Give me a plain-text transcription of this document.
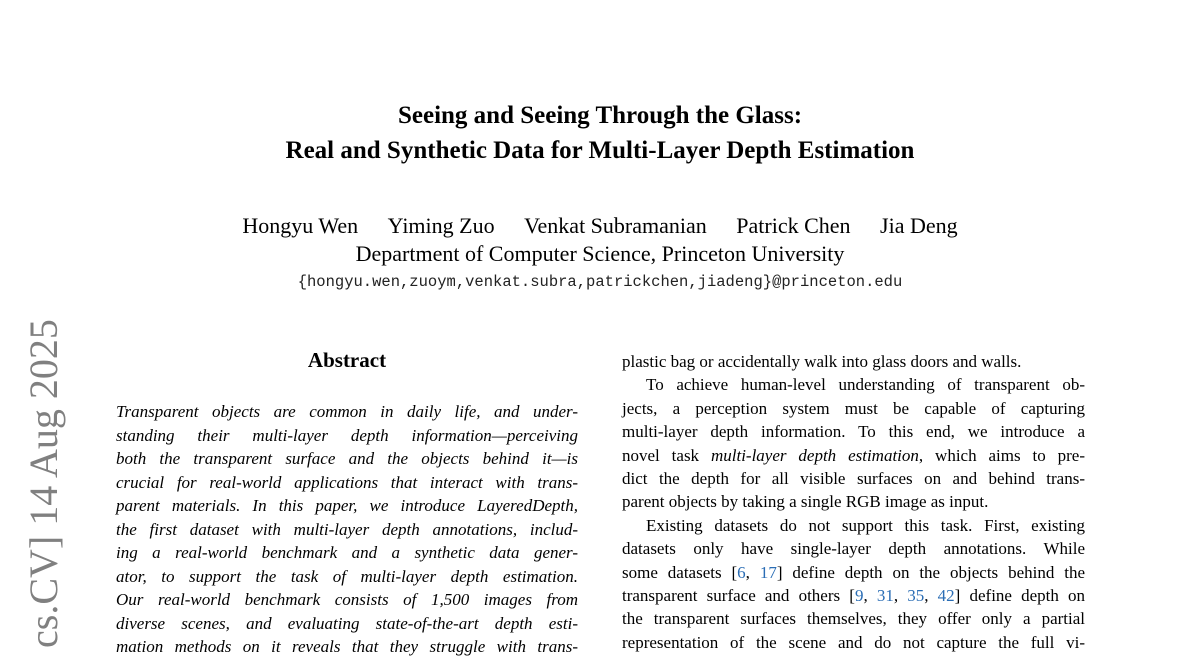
cs.CV] 14 Aug 2025
Seeing and Seeing Through the Glass:
Real and Synthetic Data for Multi-Layer Depth Estimation
Hongyu Wen Yiming Zuo Venkat Subramanian Patrick Chen Jia Deng
Department of Computer Science, Princeton University
{hongyu.wen,zuoym,venkat.subra,patrickchen,jiadeng}@princeton.edu
Abstract
Transparent objects are common in daily life, and under-
standing their multi-layer depth information—perceiving
both the transparent surface and the objects behind it—is
crucial for real-world applications that interact with trans-
parent materials. In this paper, we introduce LayeredDepth,
the first dataset with multi-layer depth annotations, includ-
ing a real-world benchmark and a synthetic data gener-
ator, to support the task of multi-layer depth estimation.
Our real-world benchmark consists of 1,500 images from
diverse scenes, and evaluating state-of-the-art depth esti-
mation methods on it reveals that they struggle with trans-
plastic bag or accidentally walk into glass doors and walls.
To achieve human-level understanding of transparent ob-
jects, a perception system must be capable of capturing
multi-layer depth information. To this end, we introduce a
novel task multi-layer depth estimation, which aims to pre-
dict the depth for all visible surfaces on and behind trans-
parent objects by taking a single RGB image as input.
Existing datasets do not support this task. First, existing
datasets only have single-layer depth annotations. While
some datasets [6, 17] define depth on the objects behind the
transparent surface and others [9, 31, 35, 42] define depth on
the transparent surfaces themselves, they offer only a partial
representation of the scene and do not capture the full vi-
